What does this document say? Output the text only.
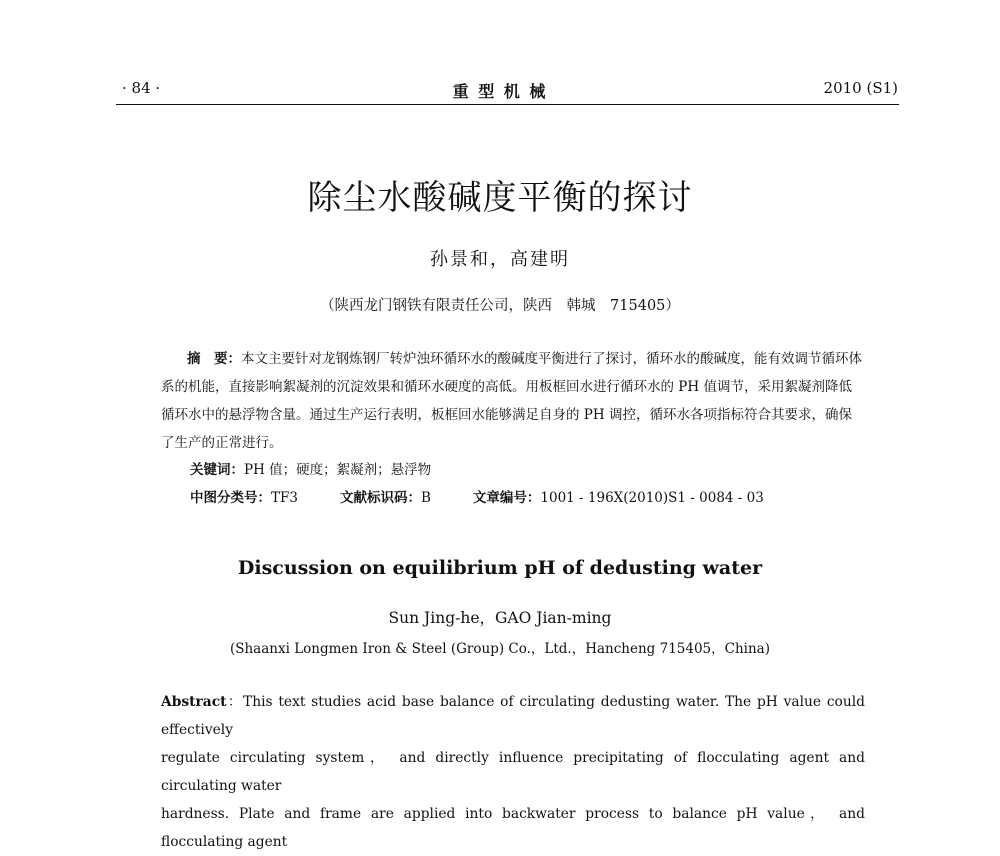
· 84 ·	重 型 机 械	2010 (S1)
除尘水酸碱度平衡的探讨
孙景和，高建明
（陕西龙门钢铁有限责任公司，陕西　韩城　715405）

摘　要：本文主要针对龙钢炼钢厂转炉浊环循环水的酸碱度平衡进行了探讨，循环水的酸碱度，能有效调节循环体系的机能，直接影响絮凝剂的沉淀效果和循环水硬度的高低。用板框回水进行循环水的 PH 值调节，采用絮凝剂降低循环水中的悬浮物含量。通过生产运行表明，板框回水能够满足自身的 PH 调控，循环水各项指标符合其要求，确保了生产的正常进行。

关键词：PH 值；硬度；絮凝剂；悬浮物
中图分类号：TF3	文献标识码：B	文章编号：1001 - 196X(2010)S1 - 0084 - 03
Discussion on equilibrium pH of dedusting water
Sun Jing-he，GAO Jian-ming
(Shaanxi Longmen Iron & Steel (Group) Co.，Ltd.，Hancheng 715405，China)

Abstract：This text studies acid base balance of circulating dedusting water. The pH value could effectively

regulate circulating system， and directly influence precipitating of flocculating agent and circulating water

hardness. Plate and frame are applied into backwater process to balance pH value， and flocculating agent
